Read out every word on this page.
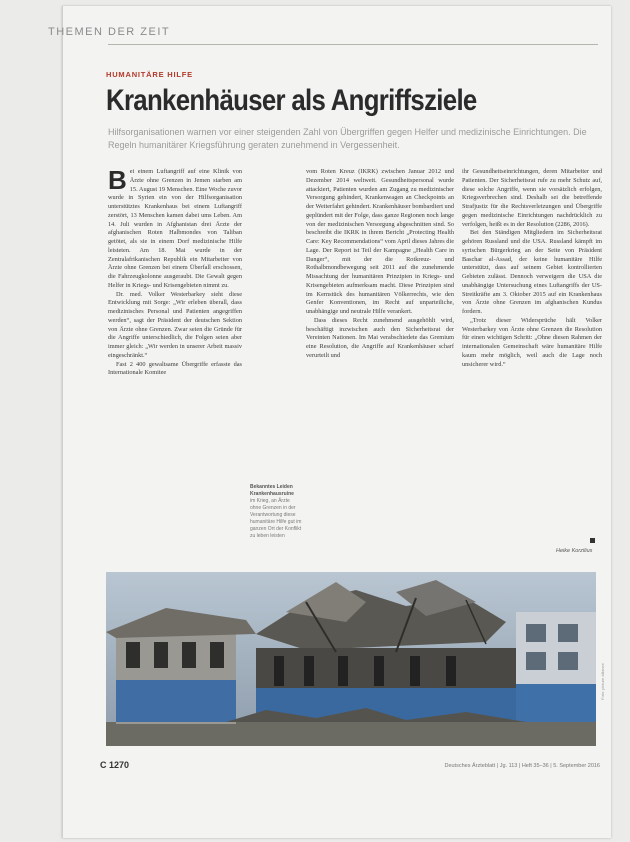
THEMEN DER ZEIT
HUMANITÄRE HILFE
Krankenhäuser als Angriffsziele
Hilfsorganisationen warnen vor einer steigenden Zahl von Übergriffen gegen Helfer und medizinische Einrichtungen. Die Regeln humanitärer Kriegsführung geraten zunehmend in Vergessenheit.

Bei einem Luftangriff auf eine Klinik von Ärzte ohne Grenzen in Jemen starben am 15. August 19 Menschen. Eine Woche zuvor wurde in Syrien ein von der Hilfsorganisation unterstütztes Krankenhaus bei einem Luftangriff zerstört, 13 Menschen kamen dabei ums Leben. Am 14. Juli wurden in Afghanistan drei Ärzte der afghanischen Roten Halbmondes von Taliban getötet, als sie in einem Dorf medizinische Hilfe leisteten. Am 18. Mai wurde in der Zentralafrikanischen Republik ein Mitarbeiter von Ärzte ohne Grenzen bei einem Überfall erschossen, die Fahrzeugkolonne ausgeraubt. Die Gewalt gegen Helfer in Kriegs- und Krisengebieten nimmt zu.

Dr. med. Volker Westerbarkey sieht diese Entwicklung mit Sorge: „Wir erleben überall, dass medizinisches Personal und Patienten angegriffen werden“, sagt der Präsident der deutschen Sektion von Ärzte ohne Grenzen. Zwar seien die Gründe für die Angriffe unterschiedlich, die Folgen seien aber immer gleich: „Wir werden in unserer Arbeit massiv eingeschränkt.“

Fast 2 400 gewaltsame Übergriffe erfasste das Internationale Komitee

vom Roten Kreuz (IKRK) zwischen Januar 2012 und Dezember 2014 weltweit. Gesundheitspersonal wurde attackiert, Patienten wurden am Zugang zu medizinischer Versorgung gehindert, Krankenwagen an Checkpoints an der Weiterfahrt gehindert. Krankenhäuser bombardiert und geplündert mit der Folge, dass ganze Regionen noch lange von der medizinischen Versorgung abgeschnitten sind. So beschreibt die IKRK in ihrem Bericht „Protecting Health Care: Key Recommendations“ vom April dieses Jahres die Lage. Der Report ist Teil der Kampagne „Health Care in Danger“, mit der die Rotkreuz- und Rothalbmondbewegung seit 2011 auf die zunehmende Missachtung der humanitären Prinzipien in Kriegs- und Krisengebieten aufmerksam macht. Diese Prinzipien sind im Kernstück des humanitären Völkerrechts, wie den Genfer Konventionen, im Recht auf unparteiliche, unabhängige und neutrale Hilfe verankert.

Dass dieses Recht zunehmend ausgehöhlt wird, beschäftigt inzwischen auch den Sicherheitsrat der Vereinten Nationen. Im Mai verabschiedete das Gremium eine Resolution, die Angriffe auf Krankenhäuser scharf verurteilt und

ihr Gesundheitseinrichtungen, deren Mitarbeiter und Patienten. Der Sicherheitsrat rufe zu mehr Schutz auf, diese solche Angriffe, wenn sie vorsätzlich erfolgen, Kriegsverbrechen sind. Deshalb sei die betreffende Strafjustiz für die Rechtsverletzungen und Übergriffe gegen medizinische Einrichtungen nachdrücklich zu verfolgen, heißt es in der Resolution (2286, 2016).

Bei den Ständigen Mitgliedern im Sicherheitsrat gehören Russland und die USA. Russland kämpft im syrischen Bürgerkrieg an der Seite von Präsident Baschar al-Assad, der keine humanitäre Hilfe unterstützt, dass auf seinem Gebiet kontrollierten Gebieten zulässt. Dennoch verweigern die USA die unabhängige Untersuchung eines Luftangriffs der US-Streitkräfte am 3. Oktober 2015 auf ein Krankenhaus von Ärzte ohne Grenzen im afghanischen Kundus fordern.

„Trotz dieser Widersprüche hält Volker Westerbarkey von Ärzte ohne Grenzen die Resolution für einen wichtigen Schritt: „Ohne diesen Rahmen der internationalen Gemeinschaft wäre humanitäre Hilfe kaum mehr möglich, weil auch die Lage noch unsicherer wird.“

Bekanntes Leiden
Krankenhausruine
im Krieg, an Ärzte ohne Grenzen in der Verantwortung diese humanitäre Hilfe gut im ganzen Ort der Konflikt zu leben leisten
Heike Korzilius
Foto: picture alliance
C 1270	Deutsches Ärzteblatt | Jg. 113 | Heft 35–36 | 5. September 2016
